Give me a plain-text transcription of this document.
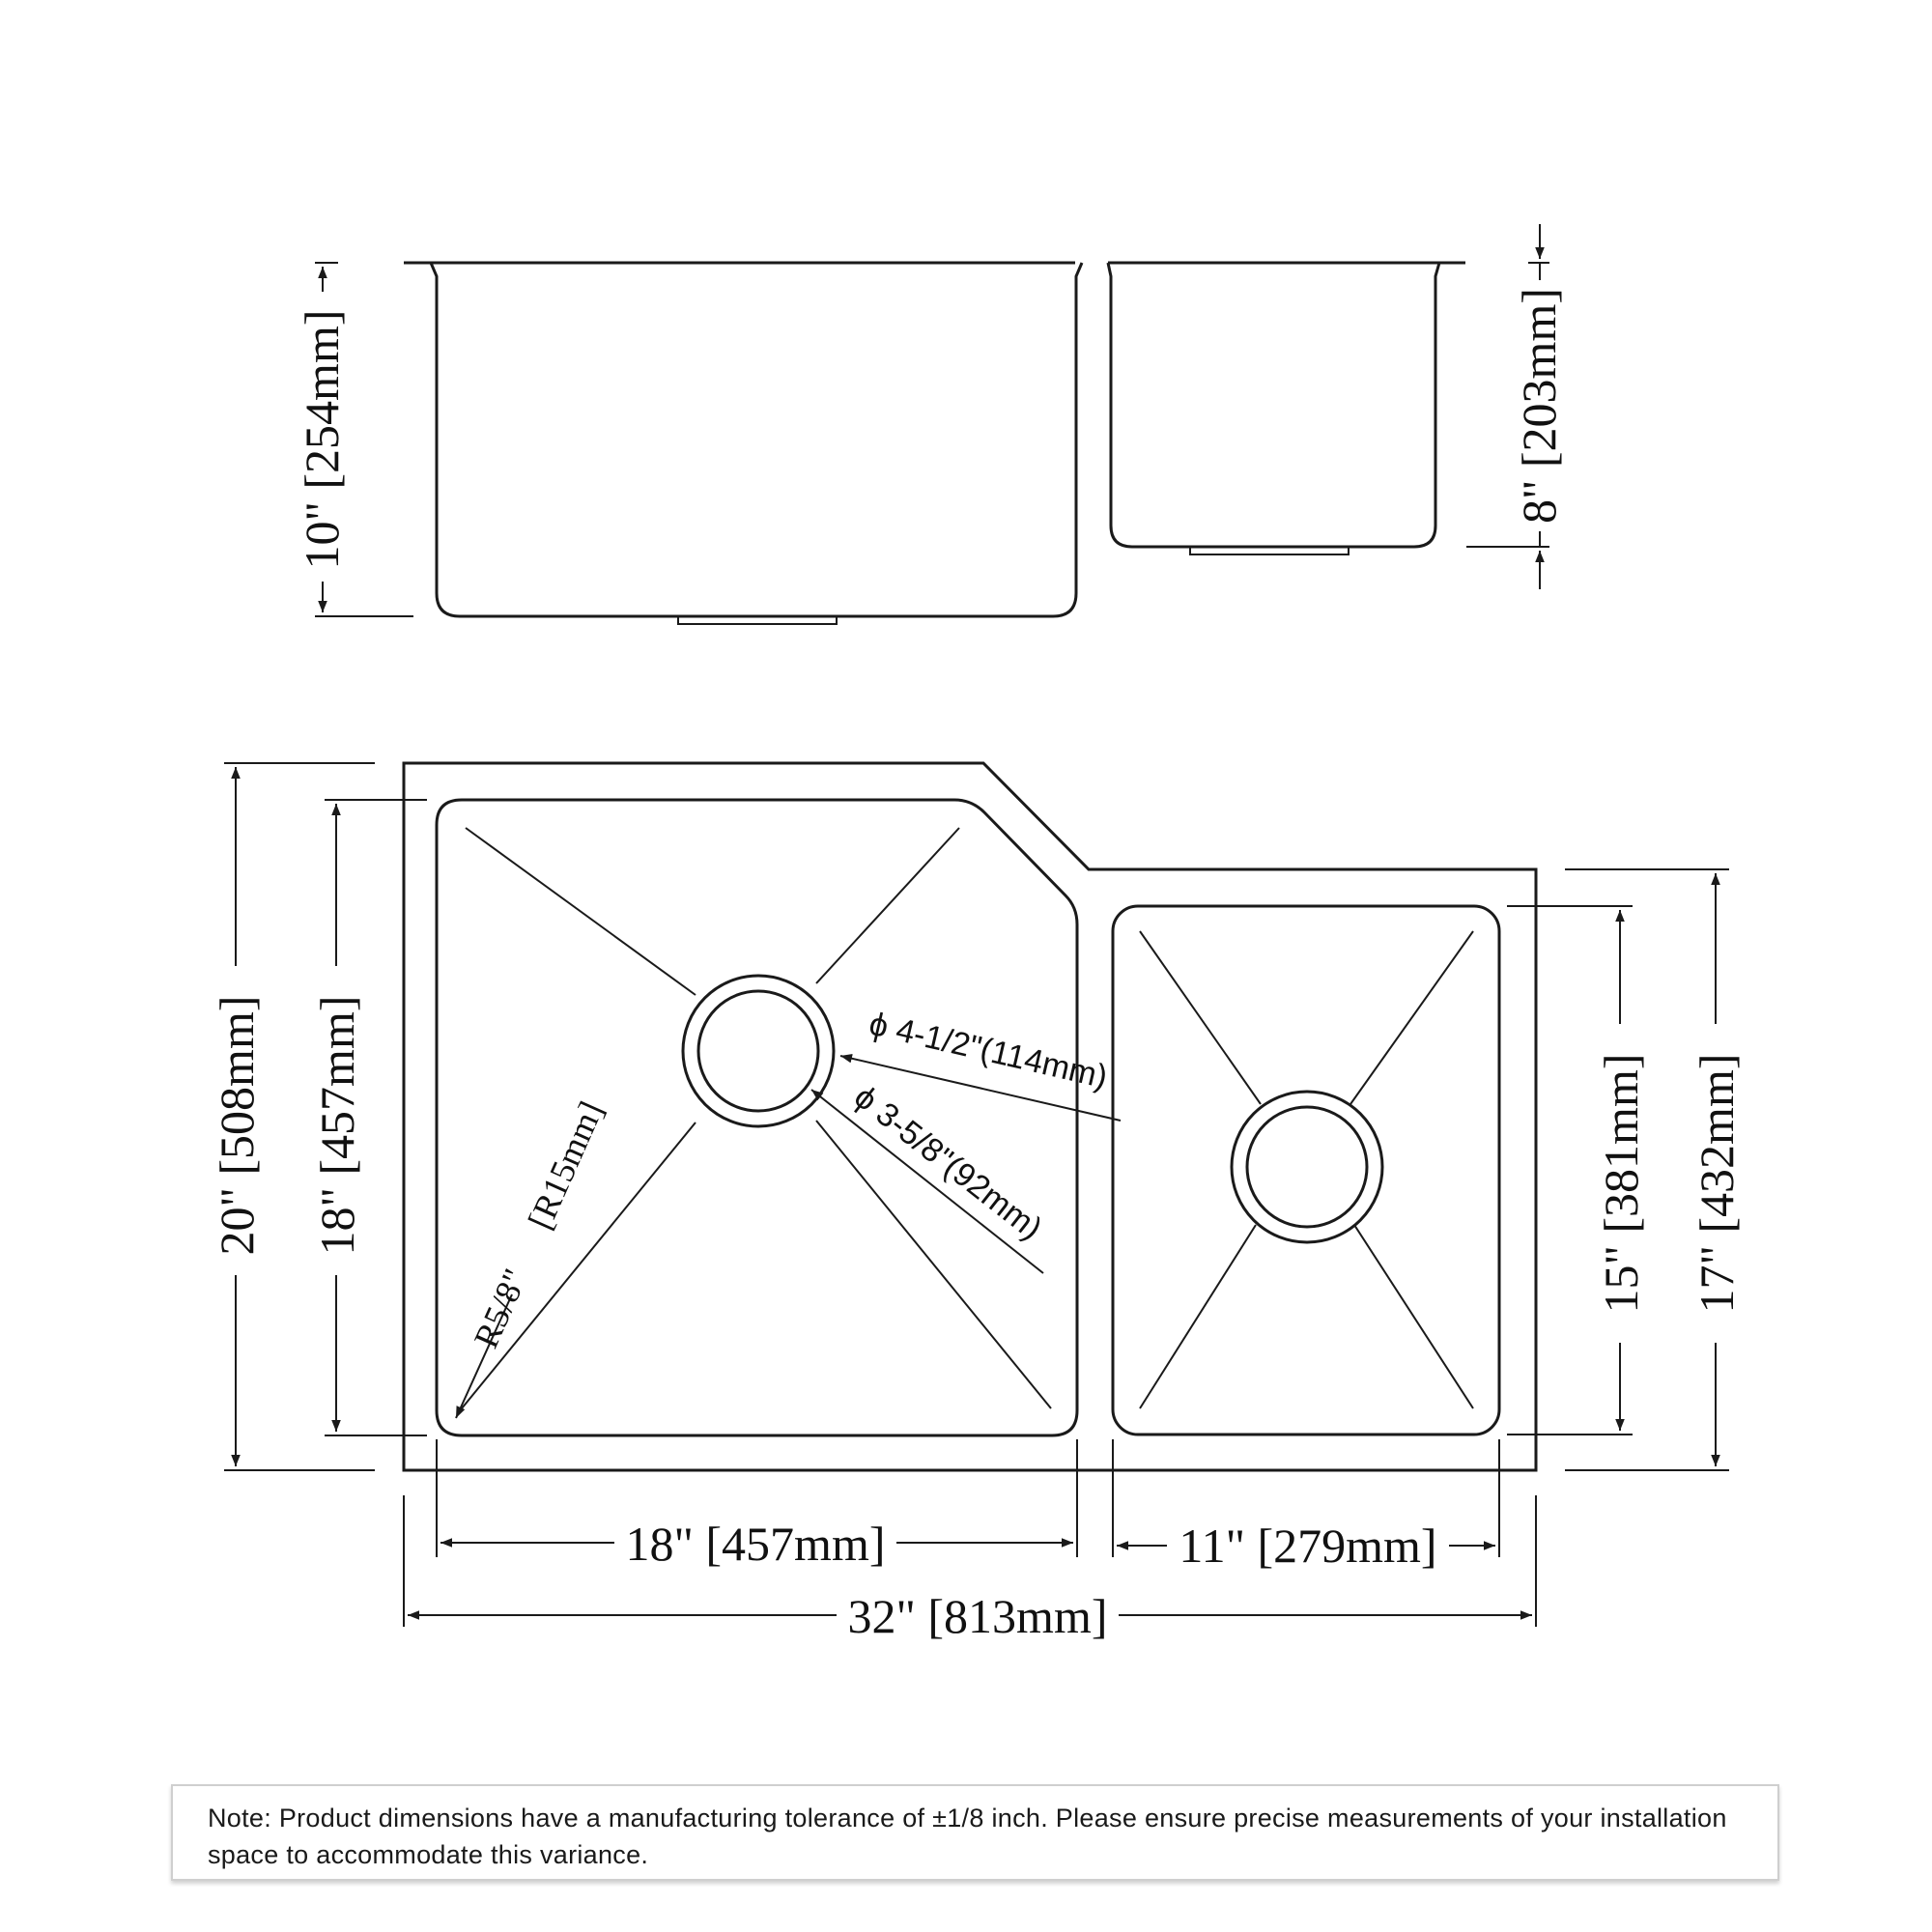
10" [254mm]	8" [203mm]
ϕ 4-1/2"(114mm)
ϕ 3-5/8"(92mm)
R5/8"
[R15mm]
20" [508mm] 18" [457mm]	15" [381mm] 17" [432mm]
18" [457mm]	11" [279mm]
32" [813mm]
Note: Product dimensions have a manufacturing tolerance of ±1/8 inch. Please ensure precise measurements of your installation space to accommodate this variance.
